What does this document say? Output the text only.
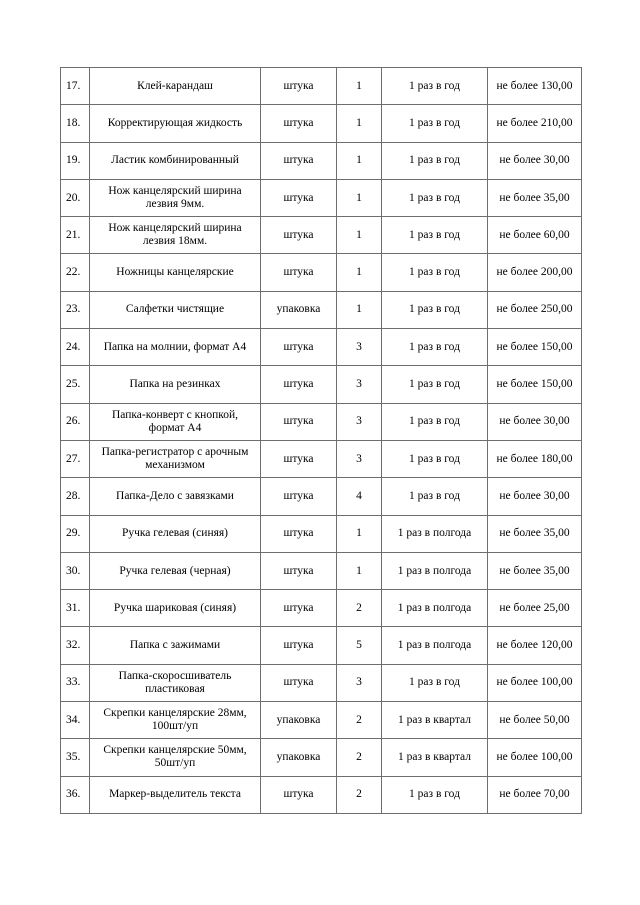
17.	Клей-карандаш	штука	1	1 раз в год	не более 130,00
18.	Корректирующая жидкость	штука	1	1 раз в год	не более 210,00
19.	Ластик комбинированный	штука	1	1 раз в год	не более 30,00
20.	Нож канцелярский ширина лезвия 9мм.	штука	1	1 раз в год	не более 35,00
21.	Нож канцелярский ширина лезвия 18мм.	штука	1	1 раз в год	не более 60,00
22.	Ножницы канцелярские	штука	1	1 раз в год	не более 200,00
23.	Салфетки чистящие	упаковка	1	1 раз в год	не более 250,00
24.	Папка на молнии, формат А4	штука	3	1 раз в год	не более 150,00
25.	Папка на резинках	штука	3	1 раз в год	не более 150,00
26.	Папка-конверт с кнопкой, формат А4	штука	3	1 раз в год	не более 30,00
27.	Папка-регистратор с арочным механизмом	штука	3	1 раз в год	не более 180,00
28.	Папка-Дело с завязками	штука	4	1 раз в год	не более 30,00
29.	Ручка гелевая (синяя)	штука	1	1 раз в полгода	не более 35,00
30.	Ручка гелевая (черная)	штука	1	1 раз в полгода	не более 35,00
31.	Ручка шариковая (синяя)	штука	2	1 раз в полгода	не более 25,00
32.	Папка с зажимами	штука	5	1 раз в полгода	не более 120,00
33.	Папка-скоросшиватель пластиковая	штука	3	1 раз в год	не более 100,00
34.	Скрепки канцелярские 28мм, 100шт/уп	упаковка	2	1 раз в квартал	не более 50,00
35.	Скрепки канцелярские 50мм, 50шт/уп	упаковка	2	1 раз в квартал	не более 100,00
36.	Маркер-выделитель текста	штука	2	1 раз в год	не более 70,00
